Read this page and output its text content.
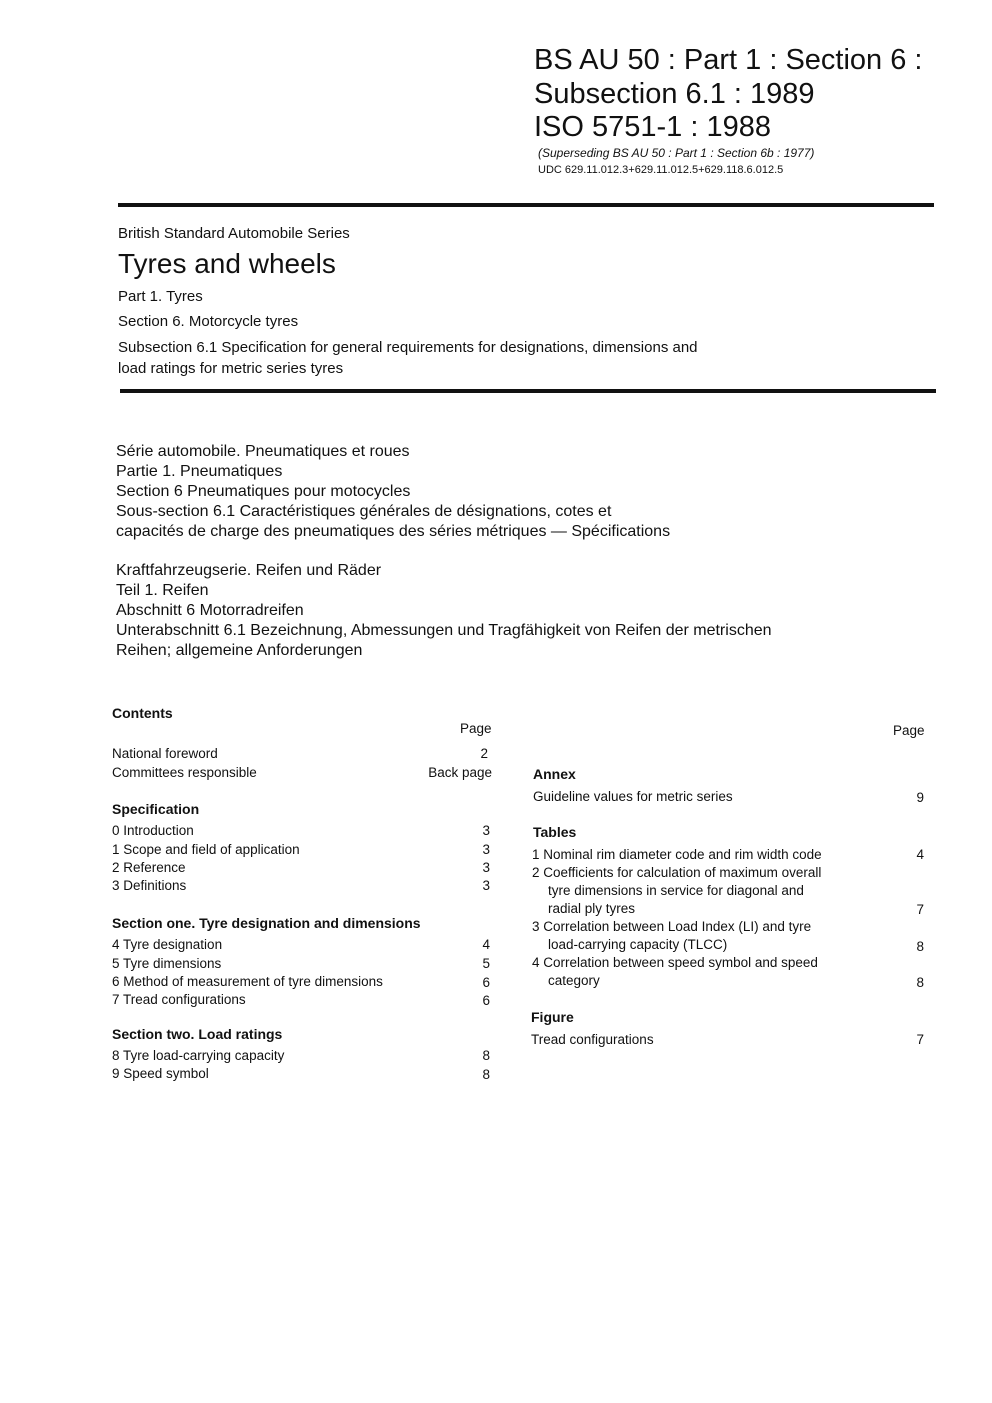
BS AU 50 : Part 1 : Section 6 :
Subsection 6.1 : 1989
ISO 5751-1 : 1988
(Superseding BS AU 50 : Part 1 : Section 6b : 1977)
UDC 629.11.012.3+629.11.012.5+629.118.6.012.5
British Standard Automobile Series
Tyres and wheels
Part 1. Tyres
Section 6. Motorcycle tyres
Subsection 6.1 Specification for general requirements for designations, dimensions and
load ratings for metric series tyres
Série automobile. Pneumatiques et roues
Partie 1. Pneumatiques
Section 6 Pneumatiques pour motocycles
Sous-section 6.1 Caractéristiques générales de désignations, cotes et
capacités de charge des pneumatiques des séries métriques — Spécifications
Kraftfahrzeugserie. Reifen und Räder
Teil 1. Reifen
Abschnitt 6 Motorradreifen
Unterabschnitt 6.1 Bezeichnung, Abmessungen und Tragfähigkeit von Reifen der metrischen
Reihen; allgemeine Anforderungen
Contents
Page	Page
National foreword	2
Committees responsible	Back page
Specification
0 Introduction	3
1 Scope and field of application	3
2 Reference	3
3 Definitions	3
Section one. Tyre designation and dimensions
4 Tyre designation	4
5 Tyre dimensions	5
6 Method of measurement of tyre dimensions	6
7 Tread configurations	6
Section two. Load ratings
8 Tyre load-carrying capacity	8
9 Speed symbol	8
Annex
Guideline values for metric series	9
Tables
1 Nominal rim diameter code and rim width code	4
2 Coefficients for calculation of maximum overall
tyre dimensions in service for diagonal and
radial ply tyres	7
3 Correlation between Load Index (LI) and tyre
load-carrying capacity (TLCC)	8
4 Correlation between speed symbol and speed
category	8
Figure
Tread configurations	7
